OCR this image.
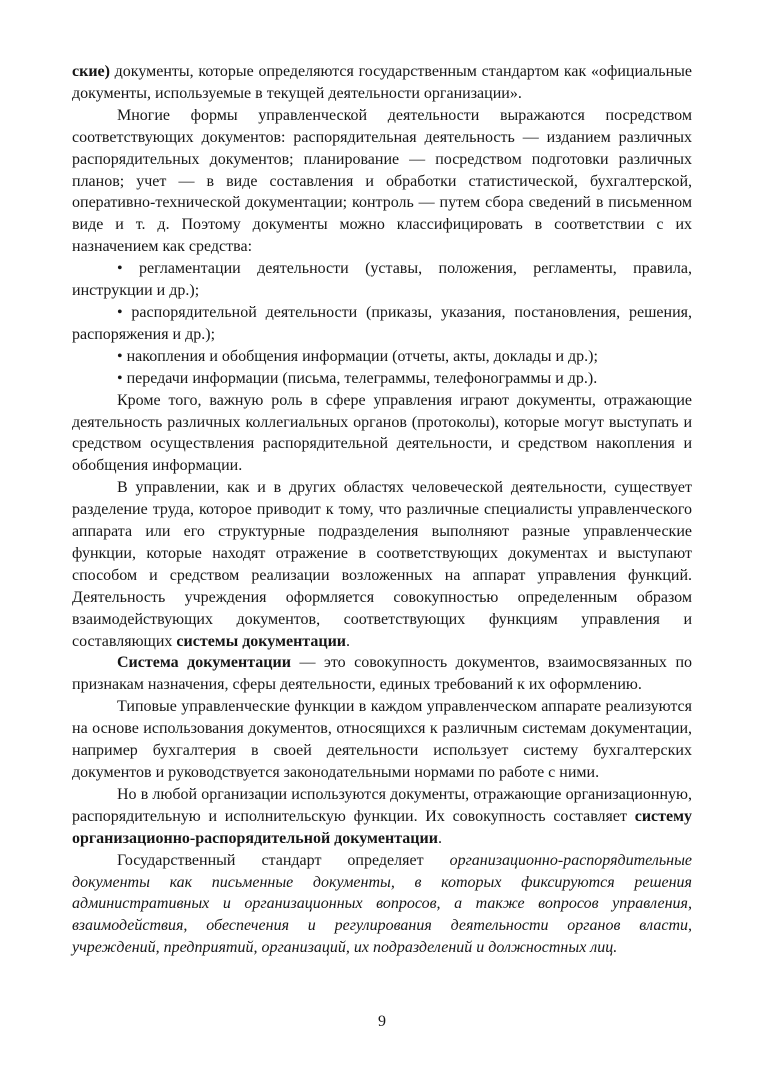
ские) документы, которые определяются государственным стандартом как «официальные документы, используемые в текущей деятельности организации».

Многие формы управленческой деятельности выражаются посредством соответствующих документов: распорядительная деятельность — изданием различных распорядительных документов; планирование — посредством подготовки различных планов; учет — в виде составления и обработки статистической, бухгалтерской, оперативно-технической документации; контроль — путем сбора сведений в письменном виде и т. д. Поэтому документы можно классифицировать в соответствии с их назначением как средства:

• регламентации деятельности (уставы, положения, регламенты, правила, инструкции и др.);

• распорядительной деятельности (приказы, указания, постановления, решения, распоряжения и др.);

• накопления и обобщения информации (отчеты, акты, доклады и др.);

• передачи информации (письма, телеграммы, телефонограммы и др.).

Кроме того, важную роль в сфере управления играют документы, отражающие деятельность различных коллегиальных органов (протоколы), которые могут выступать и средством осуществления распорядительной деятельности, и средством накопления и обобщения информации.

В управлении, как и в других областях человеческой деятельности, существует разделение труда, которое приводит к тому, что различные специалисты управленческого аппарата или его структурные подразделения выполняют разные управленческие функции, которые находят отражение в соответствующих документах и выступают способом и средством реализации возложенных на аппарат управления функций. Деятельность учреждения оформляется совокупностью определенным образом взаимодействующих документов, соответствующих функциям управления и составляющих системы документации.

Система документации — это совокупность документов, взаимосвязанных по признакам назначения, сферы деятельности, единых требований к их оформлению.

Типовые управленческие функции в каждом управленческом аппарате реализуются на основе использования документов, относящихся к различным системам документации, например бухгалтерия в своей деятельности использует систему бухгалтерских документов и руководствуется законодательными нормами по работе с ними.

Но в любой организации используются документы, отражающие организационную, распорядительную и исполнительскую функции. Их совокупность составляет систему организационно-распорядительной документации.

Государственный стандарт определяет организационно-распорядительные документы как письменные документы, в которых фиксируются решения административных и организационных вопросов, а также вопросов управления, взаимодействия, обеспечения и регулирования деятельности органов власти, учреждений, предприятий, организаций, их подразделений и должностных лиц.

9
